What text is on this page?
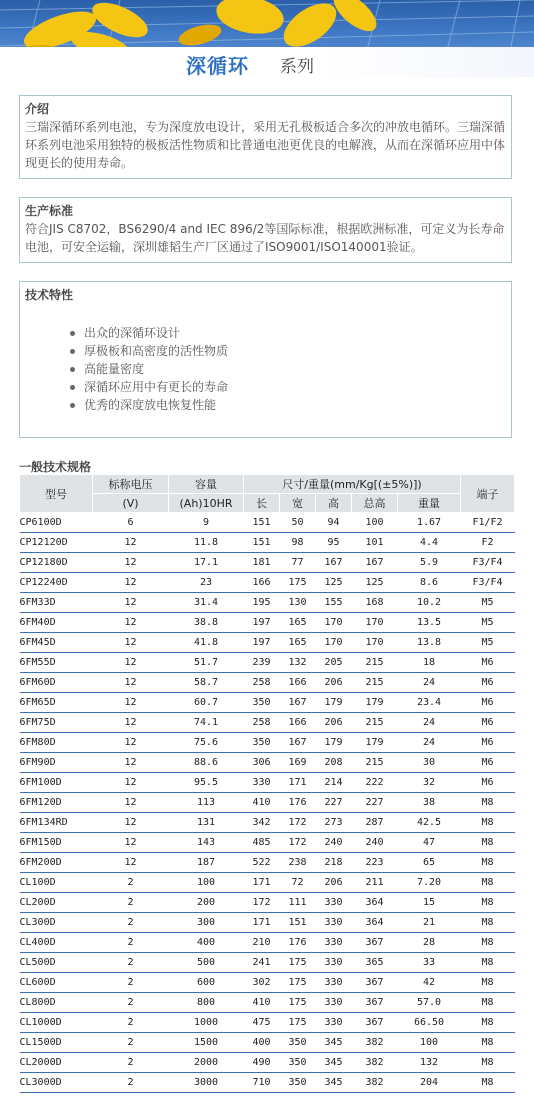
深循环 系列
介绍
三瑞深循环系列电池，专为深度放电设计，采用无孔极板适合多次的冲放电循环。三瑞深循环系列电池采用独特的极板活性物质和比普通电池更优良的电解液，从而在深循环应用中体现更长的使用寿命。
生产标准
符合JIS C8702，BS6290/4 and IEC 896/2等国际标准，根据欧洲标准，可定义为长寿命电池，可安全运输，深圳雄韬生产厂区通过了ISO9001/ISO140001验证。
技术特性
出众的深循环设计
厚极板和高密度的活性物质
高能量密度
深循环应用中有更长的寿命
优秀的深度放电恢复性能
一般技术规格
型号	标称电压	容量	尺寸/重量(mm/Kg[(±5%)])					端子
	(V)	(Ah)10HR	长	宽	高	总高	重量	
CP6100D	6	9	151	50	94	100	1.67	F1/F2
CP12120D	12	11.8	151	98	95	101	4.4	F2
CP12180D	12	17.1	181	77	167	167	5.9	F3/F4
CP12240D	12	23	166	175	125	125	8.6	F3/F4
6FM33D	12	31.4	195	130	155	168	10.2	M5
6FM40D	12	38.8	197	165	170	170	13.5	M5
6FM45D	12	41.8	197	165	170	170	13.8	M5
6FM55D	12	51.7	239	132	205	215	18	M6
6FM60D	12	58.7	258	166	206	215	24	M6
6FM65D	12	60.7	350	167	179	179	23.4	M6
6FM75D	12	74.1	258	166	206	215	24	M6
6FM80D	12	75.6	350	167	179	179	24	M6
6FM90D	12	88.6	306	169	208	215	30	M6
6FM100D	12	95.5	330	171	214	222	32	M6
6FM120D	12	113	410	176	227	227	38	M8
6FM134RD	12	131	342	172	273	287	42.5	M8
6FM150D	12	143	485	172	240	240	47	M8
6FM200D	12	187	522	238	218	223	65	M8
CL100D	2	100	171	72	206	211	7.20	M8
CL200D	2	200	172	111	330	364	15	M8
CL300D	2	300	171	151	330	364	21	M8
CL400D	2	400	210	176	330	367	28	M8
CL500D	2	500	241	175	330	365	33	M8
CL600D	2	600	302	175	330	367	42	M8
CL800D	2	800	410	175	330	367	57.0	M8
CL1000D	2	1000	475	175	330	367	66.50	M8
CL1500D	2	1500	400	350	345	382	100	M8
CL2000D	2	2000	490	350	345	382	132	M8
CL3000D	2	3000	710	350	345	382	204	M8
